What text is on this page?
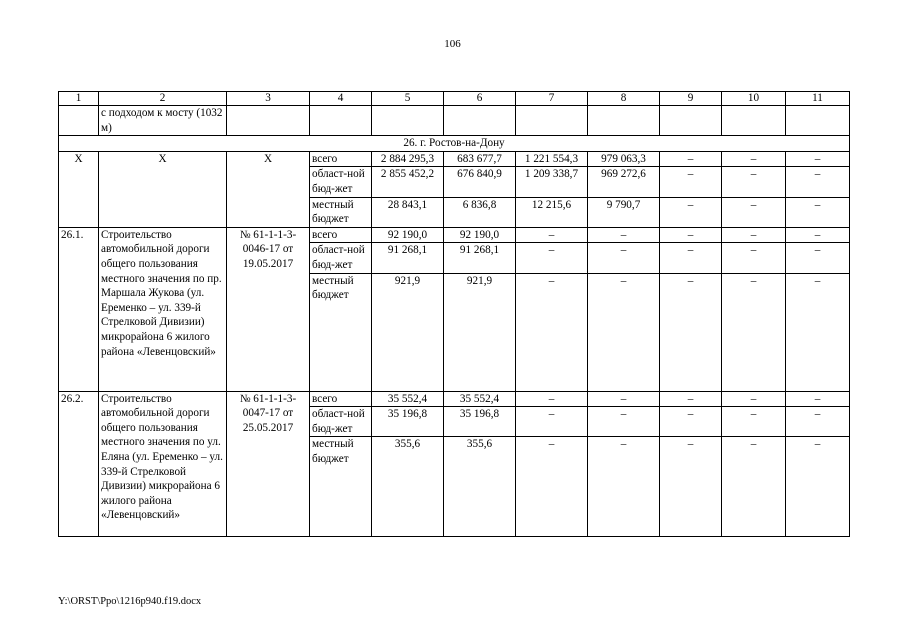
106
1	2	3	4	5	6	7	8	9	10	11
	с подходом к мосту (1032 м)									
26. г. Ростов-на-Дону										
Х	Х	Х	всего	2 884 295,3	683 677,7	1 221 554,3	979 063,3	–	–	–
			област-ной бюд-жет	2 855 452,2	676 840,9	1 209 338,7	969 272,6	–	–	–
			местный бюджет	28 843,1	6 836,8	12 215,6	9 790,7	–	–	–
26.1.	Строительство автомобильной дороги общего пользования местного значения по пр. Маршала Жукова (ул. Еременко – ул. 339-й Стрелковой Дивизии) микрорайона 6 жилого района «Левенцовский»	№ 61-1-1-3-0046-17 от 19.05.2017	всего	92 190,0	92 190,0	–	–	–	–	–
			област-ной бюд-жет	91 268,1	91 268,1	–	–	–	–	–
			местный бюджет	921,9	921,9	–	–	–	–	–
26.2.	Строительство автомобильной дороги общего пользования местного значения по ул. Еляна (ул. Еременко – ул. 339-й Стрелковой Дивизии) микрорайона 6 жилого района «Левенцовский»	№ 61-1-1-3-0047-17 от 25.05.2017	всего	35 552,4	35 552,4	–	–	–	–	–
			област-ной бюд-жет	35 196,8	35 196,8	–	–	–	–	–
			местный бюджет	355,6	355,6	–	–	–	–	–
Y:\ORST\Ppo\1216p940.f19.docx
